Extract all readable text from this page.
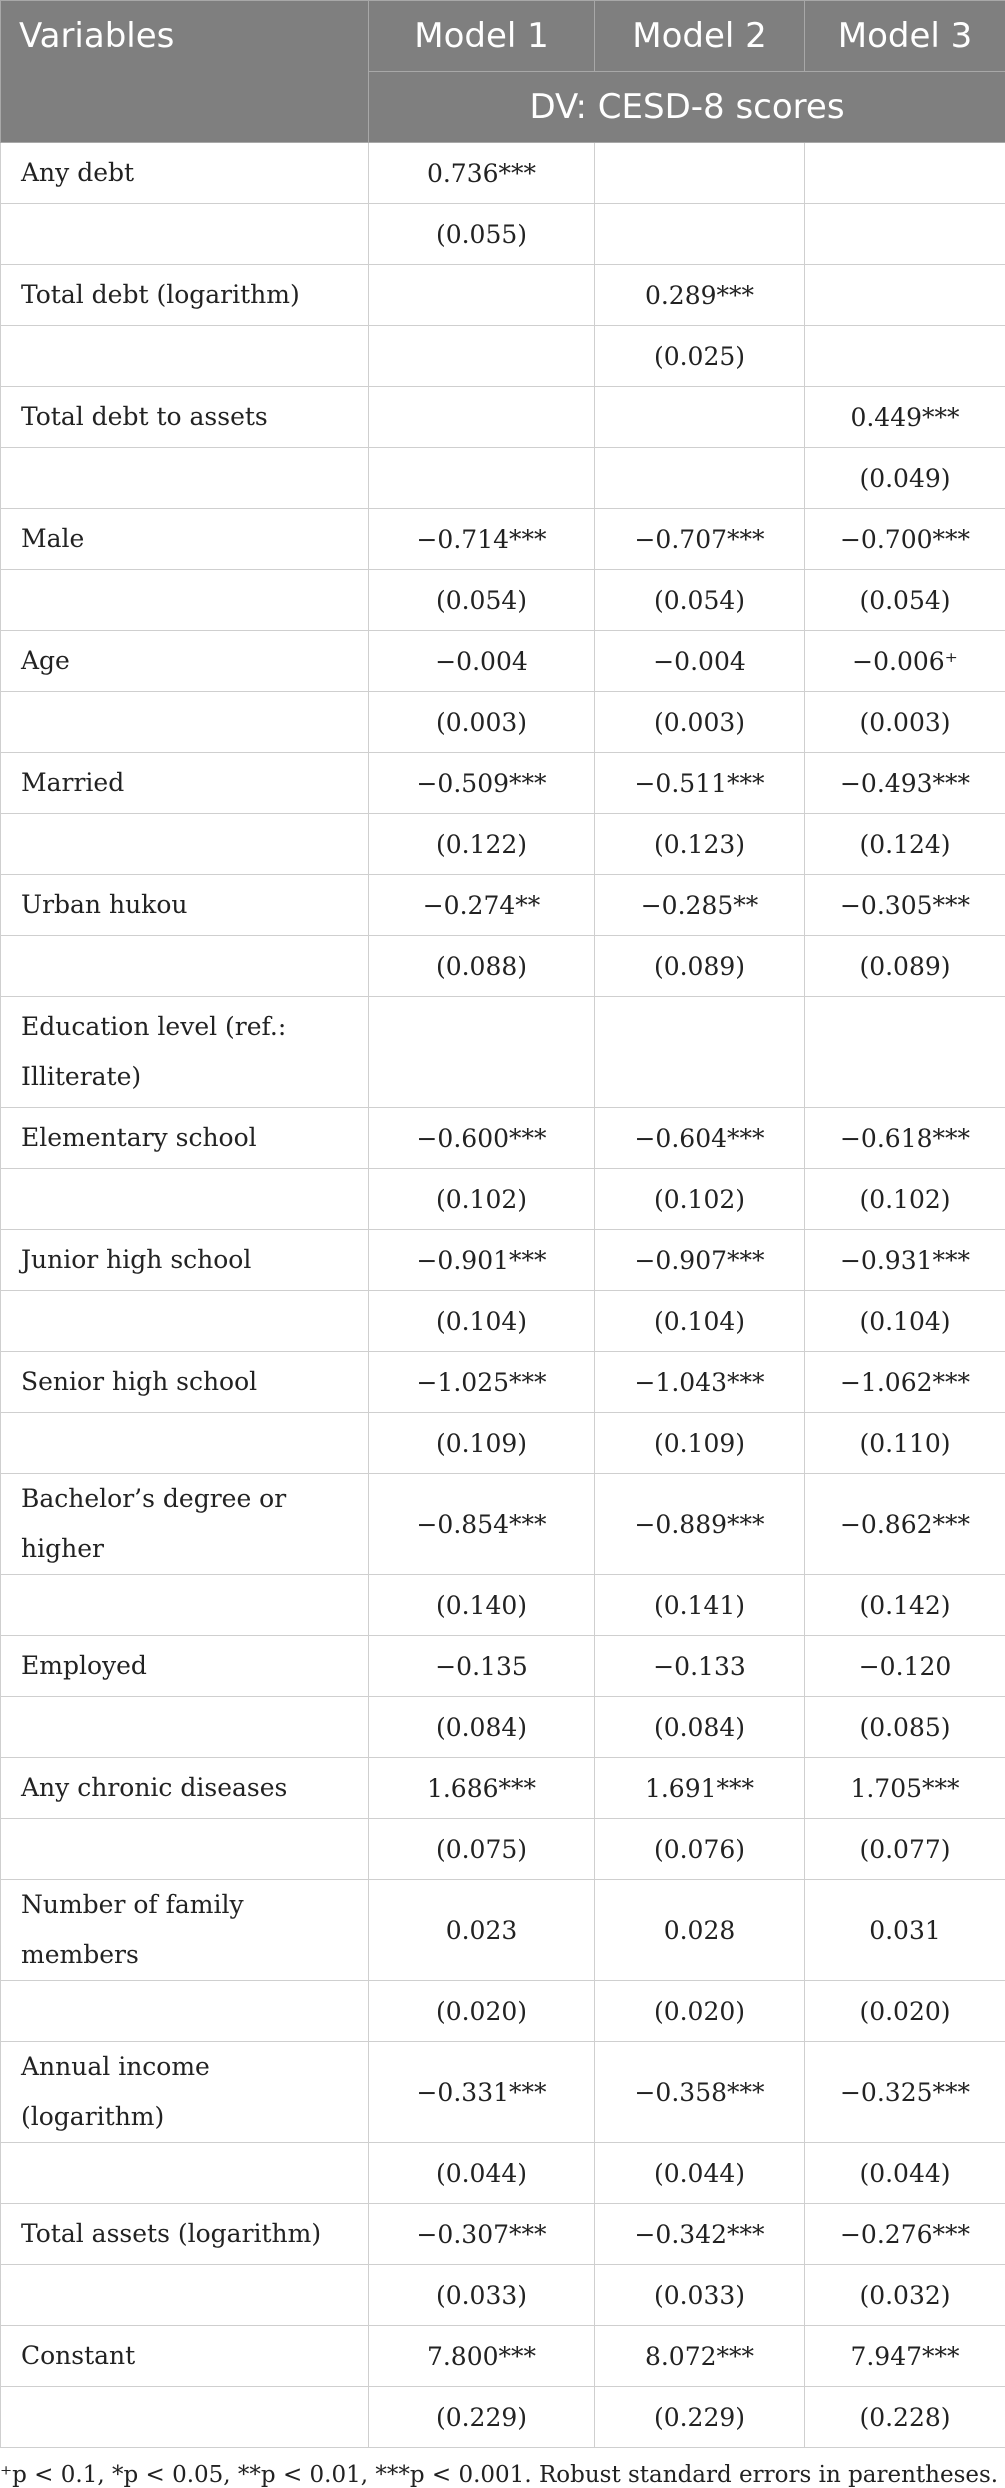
Variables	Model 1	Model 2	Model 3
	DV: CESD-8 scores		
Any debt	0.736***		
	(0.055)		
Total debt (logarithm)		0.289***	
		(0.025)	
Total debt to assets			0.449***
			(0.049)
Male	−0.714***	−0.707***	−0.700***
	(0.054)	(0.054)	(0.054)
Age	−0.004	−0.004	−0.006⁺
	(0.003)	(0.003)	(0.003)
Married	−0.509***	−0.511***	−0.493***
	(0.122)	(0.123)	(0.124)
Urban hukou	−0.274**	−0.285**	−0.305***
	(0.088)	(0.089)	(0.089)
Education level (ref.: Illiterate)			
Elementary school	−0.600***	−0.604***	−0.618***
	(0.102)	(0.102)	(0.102)
Junior high school	−0.901***	−0.907***	−0.931***
	(0.104)	(0.104)	(0.104)
Senior high school	−1.025***	−1.043***	−1.062***
	(0.109)	(0.109)	(0.110)
Bachelor’s degree or higher	−0.854***	−0.889***	−0.862***
	(0.140)	(0.141)	(0.142)
Employed	−0.135	−0.133	−0.120
	(0.084)	(0.084)	(0.085)
Any chronic diseases	1.686***	1.691***	1.705***
	(0.075)	(0.076)	(0.077)
Number of family members	0.023	0.028	0.031
	(0.020)	(0.020)	(0.020)
Annual income (logarithm)	−0.331***	−0.358***	−0.325***
	(0.044)	(0.044)	(0.044)
Total assets (logarithm)	−0.307***	−0.342***	−0.276***
	(0.033)	(0.033)	(0.032)
Constant	7.800***	8.072***	7.947***
	(0.229)	(0.229)	(0.228)

⁺p < 0.1, *p < 0.05, **p < 0.01, ***p < 0.001. Robust standard errors in parentheses.
